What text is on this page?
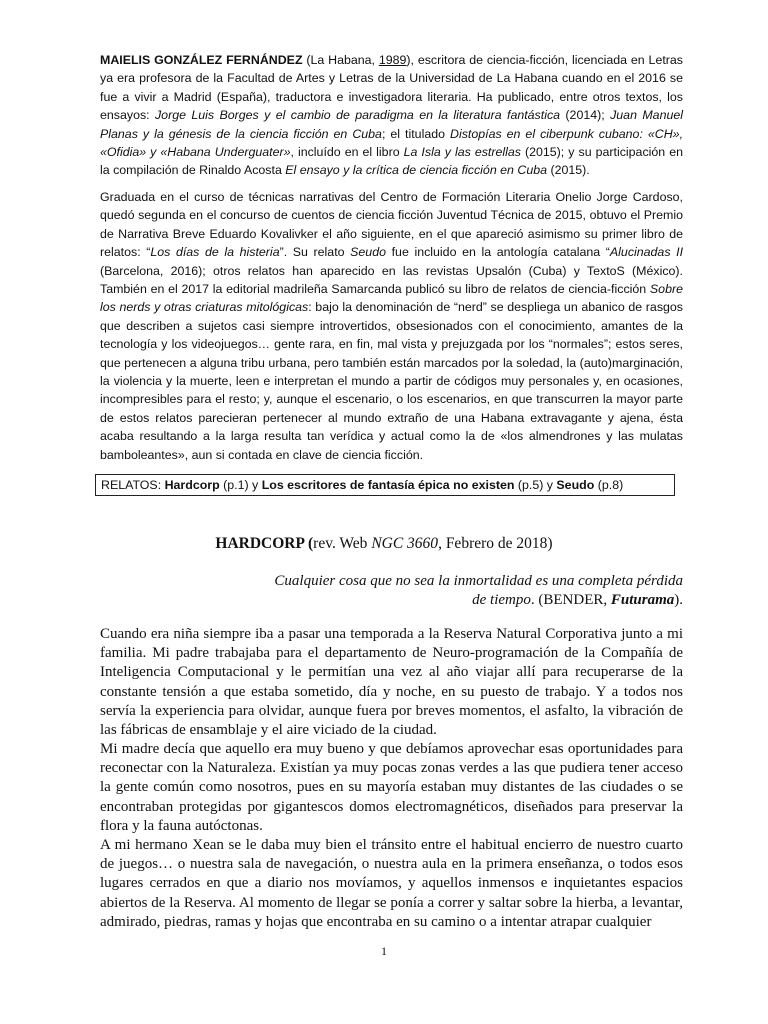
MAIELIS GONZÁLEZ FERNÁNDEZ (La Habana, 1989), escritora de ciencia-ficción, licenciada en Letras ya era profesora de la Facultad de Artes y Letras de la Universidad de La Habana cuando en el 2016 se fue a vivir a Madrid (España), traductora e investigadora literaria. Ha publicado, entre otros textos, los ensayos: Jorge Luis Borges y el cambio de paradigma en la literatura fantástica (2014); Juan Manuel Planas y la génesis de la ciencia ficción en Cuba; el titulado Distopías en el ciberpunk cubano: «CH», «Ofidia» y «Habana Underguater», incluído en el libro La Isla y las estrellas (2015); y su participación en la compilación de Rinaldo Acosta El ensayo y la crítica de ciencia ficción en Cuba (2015).

Graduada en el curso de técnicas narrativas del Centro de Formación Literaria Onelio Jorge Cardoso, quedó segunda en el concurso de cuentos de ciencia ficción Juventud Técnica de 2015, obtuvo el Premio de Narrativa Breve Eduardo Kovalivker el año siguiente, en el que apareció asimismo su primer libro de relatos: “Los días de la histeria”. Su relato Seudo fue incluido en la antología catalana “Alucinadas II (Barcelona, 2016); otros relatos han aparecido en las revistas Upsalón (Cuba) y TextoS (México). También en el 2017 la editorial madrileña Samarcanda publicó su libro de relatos de ciencia-ficción Sobre los nerds y otras criaturas mitológicas: bajo la denominación de “nerd” se despliega un abanico de rasgos que describen a sujetos casi siempre introvertidos, obsesionados con el conocimiento, amantes de la tecnología y los videojuegos… gente rara, en fin, mal vista y prejuzgada por los “normales”; estos seres, que pertenecen a alguna tribu urbana, pero también están marcados por la soledad, la (auto)marginación, la violencia y la muerte, leen e interpretan el mundo a partir de códigos muy personales y, en ocasiones, incompresibles para el resto; y, aunque el escenario, o los escenarios, en que transcurren la mayor parte de estos relatos parecieran pertenecer al mundo extraño de una Habana extravagante y ajena, ésta acaba resultando a la larga resulta tan verídica y actual como la de «los almendrones y las mulatas bamboleantes», aun si contada en clave de ciencia ficción.

RELATOS: Hardcorp (p.1) y Los escritores de fantasía épica no existen (p.5) y Seudo (p.8)
HARDCORP (rev. Web NGC 3660, Febrero de 2018)

Cualquier cosa que no sea la inmortalidad es una completa pérdida de tiempo. (BENDER, Futurama).

Cuando era niña siempre iba a pasar una temporada a la Reserva Natural Corporativa junto a mi familia. Mi padre trabajaba para el departamento de Neuro-programación de la Compañía de Inteligencia Computacional y le permitían una vez al año viajar allí para recuperarse de la constante tensión a que estaba sometido, día y noche, en su puesto de trabajo. Y a todos nos servía la experiencia para olvidar, aunque fuera por breves momentos, el asfalto, la vibración de las fábricas de ensamblaje y el aire viciado de la ciudad.

Mi madre decía que aquello era muy bueno y que debíamos aprovechar esas oportunidades para reconectar con la Naturaleza. Existían ya muy pocas zonas verdes a las que pudiera tener acceso la gente común como nosotros, pues en su mayoría estaban muy distantes de las ciudades o se encontraban protegidas por gigantescos domos electromagnéticos, diseñados para preservar la flora y la fauna autóctonas.

A mi hermano Xean se le daba muy bien el tránsito entre el habitual encierro de nuestro cuarto de juegos… o nuestra sala de navegación, o nuestra aula en la primera enseñanza, o todos esos lugares cerrados en que a diario nos movíamos, y aquellos inmensos e inquietantes espacios abiertos de la Reserva. Al momento de llegar se ponía a correr y saltar sobre la hierba, a levantar, admirado, piedras, ramas y hojas que encontraba en su camino o a intentar atrapar cualquier

1
